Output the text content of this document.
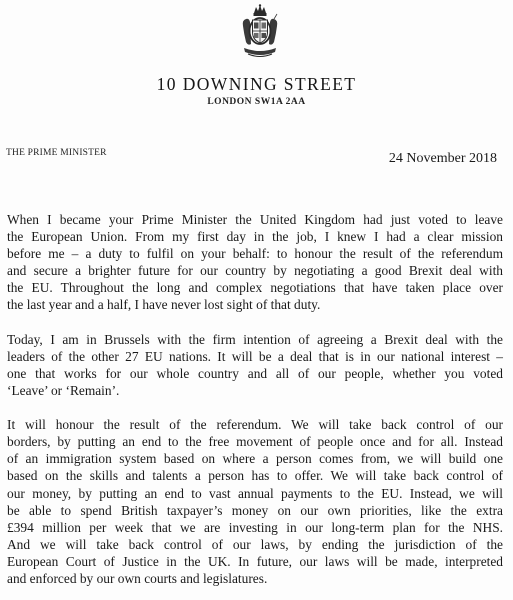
10 DOWNING STREET
LONDON SW1A 2AA
THE PRIME MINISTER	24 November 2018

When I became your Prime Minister the United Kingdom had just voted to leave
the European Union. From my first day in the job, I knew I had a clear mission
before me – a duty to fulfil on your behalf: to honour the result of the referendum
and secure a brighter future for our country by negotiating a good Brexit deal with
the EU. Throughout the long and complex negotiations that have taken place over
the last year and a half, I have never lost sight of that duty.

Today, I am in Brussels with the firm intention of agreeing a Brexit deal with the
leaders of the other 27 EU nations. It will be a deal that is in our national interest –
one that works for our whole country and all of our people, whether you voted
‘Leave’ or ‘Remain’.

It will honour the result of the referendum. We will take back control of our
borders, by putting an end to the free movement of people once and for all. Instead
of an immigration system based on where a person comes from, we will build one
based on the skills and talents a person has to offer. We will take back control of
our money, by putting an end to vast annual payments to the EU. Instead, we will
be able to spend British taxpayer’s money on our own priorities, like the extra
£394 million per week that we are investing in our long-term plan for the NHS.
And we will take back control of our laws, by ending the jurisdiction of the
European Court of Justice in the UK. In future, our laws will be made, interpreted
and enforced by our own courts and legislatures.
